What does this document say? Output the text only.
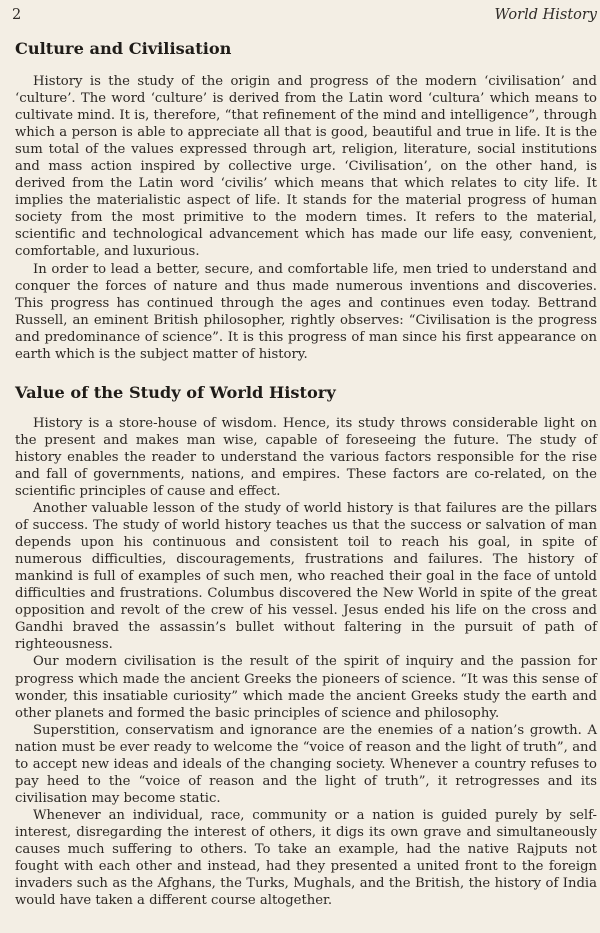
2	World History
Culture and Civilisation

History is the study of the origin and progress of the modern ‘civilisation’ and ‘culture’. The word ‘culture’ is derived from the Latin word ‘cultura’ which means to cultivate mind. It is, therefore, “that refinement of the mind and intelligence”, through which a person is able to appreciate all that is good, beautiful and true in life. It is the sum total of the values expressed through art, religion, literature, social institutions and mass action inspired by collective urge. ‘Civilisation’, on the other hand, is derived from the Latin word ‘civilis’ which means that which relates to city life. It implies the materialistic aspect of life. It stands for the material progress of human society from the most primitive to the modern times. It refers to the material, scientific and technological advancement which has made our life easy, convenient, comfortable, and luxurious.

In order to lead a better, secure, and comfortable life, men tried to understand and conquer the forces of nature and thus made numerous inventions and discoveries. This progress has continued through the ages and continues even today. Bettrand Russell, an eminent British philosopher, rightly observes: “Civilisation is the progress and predominance of science”. It is this progress of man since his first appearance on earth which is the subject matter of history.

Value of the Study of World History

History is a store-house of wisdom. Hence, its study throws considerable light on the present and makes man wise, capable of foreseeing the future. The study of history enables the reader to understand the various factors responsible for the rise and fall of governments, nations, and empires. These factors are co-related, on the scientific principles of cause and effect.

Another valuable lesson of the study of world history is that failures are the pillars of success. The study of world history teaches us that the success or salvation of man depends upon his continuous and consistent toil to reach his goal, in spite of numerous difficulties, discouragements, frustrations and failures. The history of mankind is full of examples of such men, who reached their goal in the face of untold difficulties and frustrations. Columbus discovered the New World in spite of the great opposition and revolt of the crew of his vessel. Jesus ended his life on the cross and Gandhi braved the assassin’s bullet without faltering in the pursuit of path of righteousness.

Our modern civilisation is the result of the spirit of inquiry and the passion for progress which made the ancient Greeks the pioneers of science. “It was this sense of wonder, this insatiable curiosity” which made the ancient Greeks study the earth and other planets and formed the basic principles of science and philosophy.

Superstition, conservatism and ignorance are the enemies of a nation’s growth. A nation must be ever ready to welcome the “voice of reason and the light of truth”, and to accept new ideas and ideals of the changing society. Whenever a country refuses to pay heed to the “voice of reason and the light of truth”, it retrogresses and its civilisation may become static.

Whenever an individual, race, community or a nation is guided purely by self-interest, disregarding the interest of others, it digs its own grave and simultaneously causes much suffering to others. To take an example, had the native Rajputs not fought with each other and instead, had they presented a united front to the foreign invaders such as the Afghans, the Turks, Mughals, and the British, the history of India would have taken a different course altogether.
